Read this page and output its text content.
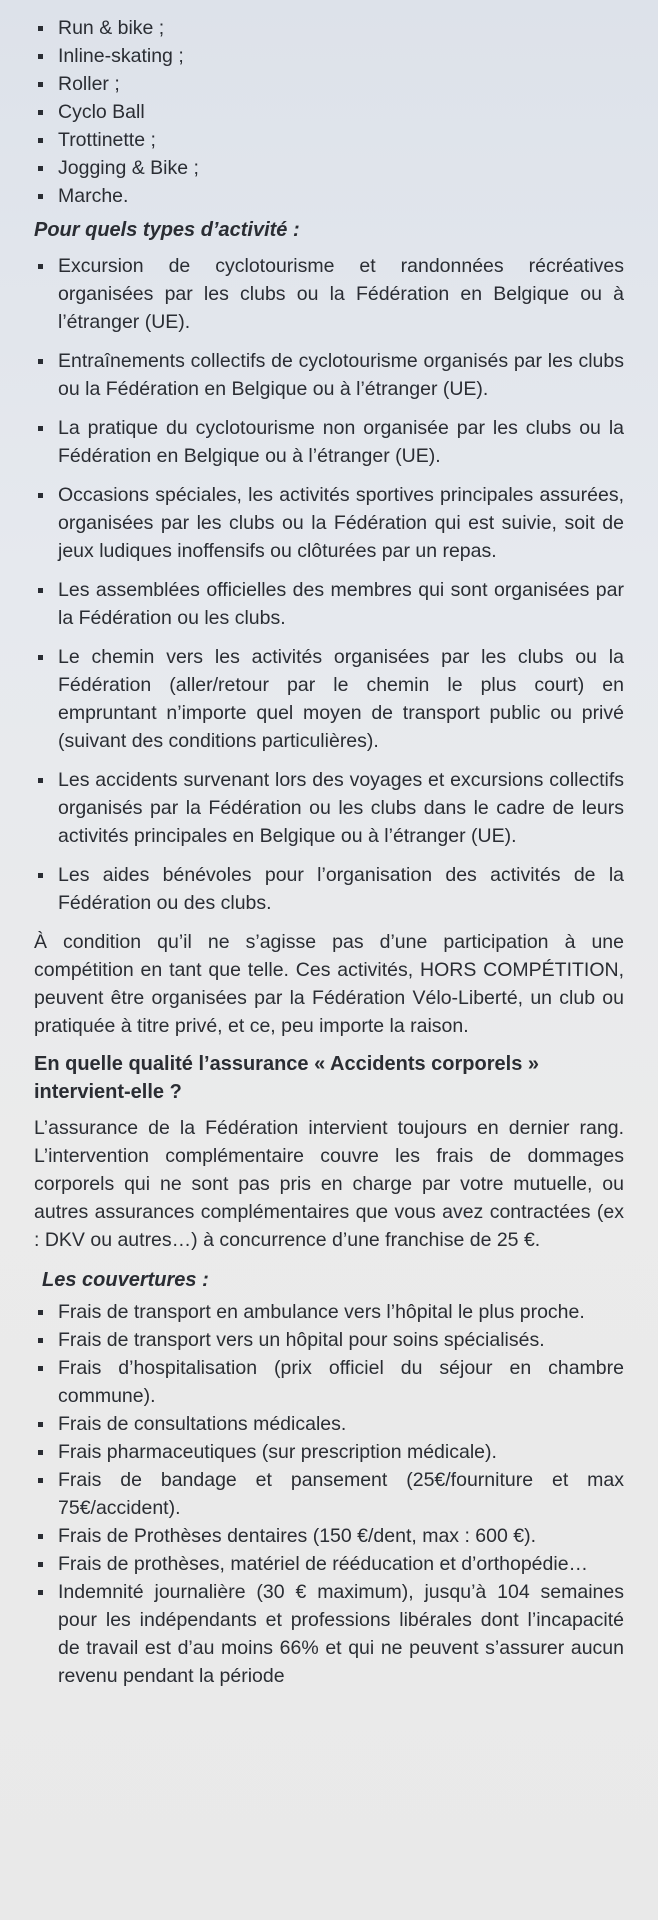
Run & bike ;
Inline-skating ;
Roller ;
Cyclo Ball
Trottinette ;
Jogging & Bike ;
Marche.
Pour quels types d’activité :
Excursion de cyclotourisme et randonnées récréatives organisées par les clubs ou la Fédération en Belgique ou à l’étranger (UE).
Entraînements collectifs de cyclotourisme organisés par les clubs ou la Fédération en Belgique ou à l’étranger (UE).
La pratique du cyclotourisme non organisée par les clubs ou la Fédération en Belgique ou à l’étranger (UE).
Occasions spéciales, les activités sportives principales assurées, organisées par les clubs ou la Fédération qui est suivie, soit de jeux ludiques inoffensifs ou clôturées par un repas.
Les assemblées officielles des membres qui sont organisées par la Fédération ou les clubs.
Le chemin vers les activités organisées par les clubs ou la Fédération (aller/retour par le chemin le plus court) en empruntant n’importe quel moyen de transport public ou privé (suivant des conditions particulières).
Les accidents survenant lors des voyages et excursions collectifs organisés par la Fédération ou les clubs dans le cadre de leurs activités principales en Belgique ou à l’étranger (UE).
Les aides bénévoles pour l’organisation des activités de la Fédération ou des clubs.

À condition qu’il ne s’agisse pas d’une participation à une compétition en tant que telle. Ces activités, HORS COMPÉTITION, peuvent être organisées par la Fédération Vélo-Liberté, un club ou pratiquée à titre privé, et ce, peu importe la raison.

En quelle qualité l’assurance « Accidents corporels » intervient-elle ?

L’assurance de la Fédération intervient toujours en dernier rang. L’intervention complémentaire couvre les frais de dommages corporels qui ne sont pas pris en charge par votre mutuelle, ou autres assurances complémentaires que vous avez contractées (ex : DKV ou autres…) à concurrence d’une franchise de 25 €.

Les couvertures :
Frais de transport en ambulance vers l’hôpital le plus proche.
Frais de transport vers un hôpital pour soins spécialisés.
Frais d’hospitalisation (prix officiel du séjour en chambre commune).
Frais de consultations médicales.
Frais pharmaceutiques (sur prescription médicale).
Frais de bandage et pansement (25€/fourniture et max 75€/accident).
Frais de Prothèses dentaires (150 €/dent, max : 600 €).
Frais de prothèses, matériel de rééducation et d’orthopédie…
Indemnité journalière (30 € maximum), jusqu’à 104 semaines pour les indépendants et professions libérales dont l’incapacité de travail est d’au moins 66% et qui ne peuvent s’assurer aucun revenu pendant la période
